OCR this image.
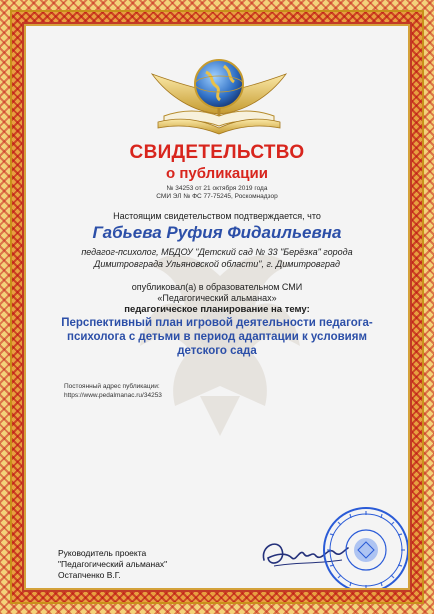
СВИДЕТЕЛЬСТВО
о публикации
№ 34253 от 21 октября 2019 года
СМИ ЭЛ № ФС 77-75245, Роскомнадзор
Настоящим свидетельством подтверждается, что
Габьева Руфия Фидаильевна
педагог-психолог, МБДОУ "Детский сад № 33 "Берёзка" города
Димитровграда Ульяновской области", г. Димитровград
опубликовал(а) в образовательном СМИ
«Педагогический альманах»
педагогическое планирование на тему:
Перспективный план игровой деятельности педагога-
психолога с детьми в период адаптации к условиям
детского сада
Постоянный адрес публикации:
https://www.pedalmanac.ru/34253
Руководитель проекта
"Педагогический альманах"
Остапченко В.Г.
